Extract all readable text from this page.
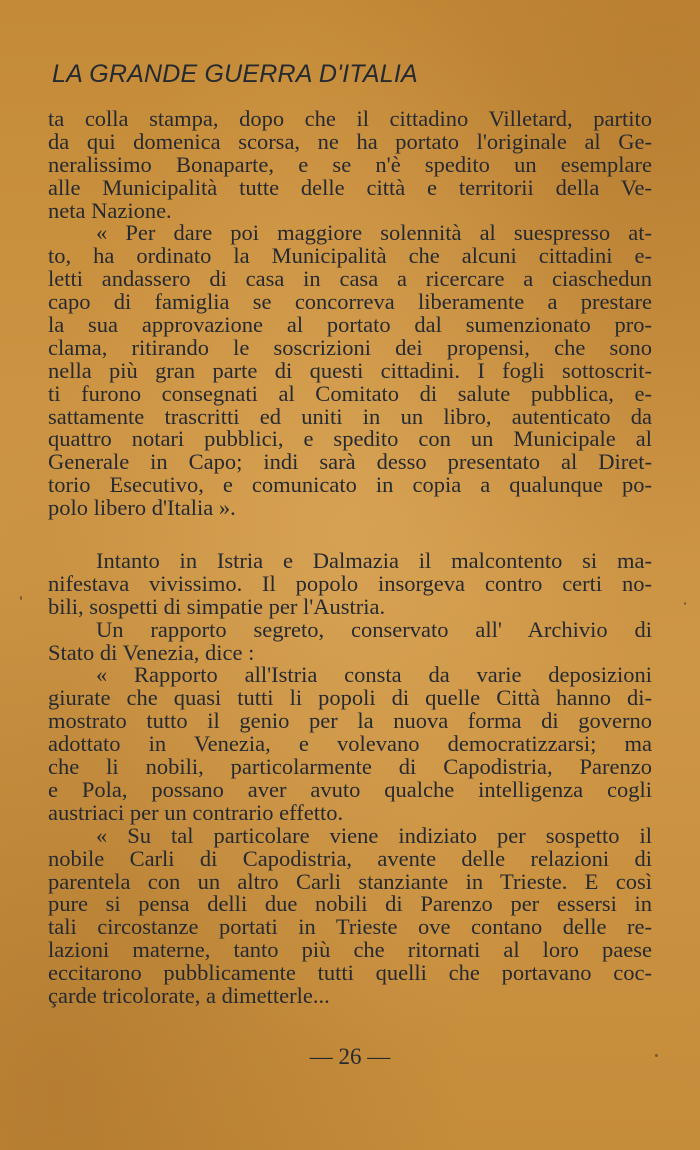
LA GRANDE GUERRA D'ITALIA
ta colla stampa, dopo che il cittadino Villetard, partito
da qui domenica scorsa, ne ha portato l'originale al Ge-
neralissimo Bonaparte, e se n'è spedito un esemplare
alle Municipalità tutte delle città e territorii della Ve-
neta Nazione.
« Per dare poi maggiore solennità al suespresso at-
to, ha ordinato la Municipalità che alcuni cittadini e-
letti andassero di casa in casa a ricercare a ciaschedun
capo di famiglia se concorreva liberamente a prestare
la sua approvazione al portato dal sumenzionato pro-
clama, ritirando le soscrizioni dei propensi, che sono
nella più gran parte di questi cittadini. I fogli sottoscrit-
ti furono consegnati al Comitato di salute pubblica, e-
sattamente trascritti ed uniti in un libro, autenticato da
quattro notari pubblici, e spedito con un Municipale al
Generale in Capo; indi sarà desso presentato al Diret-
torio Esecutivo, e comunicato in copia a qualunque po-
polo libero d'Italia ».
Intanto in Istria e Dalmazia il malcontento si ma-
nifestava vivissimo. Il popolo insorgeva contro certi no-
bili, sospetti di simpatie per l'Austria.
Un rapporto segreto, conservato all' Archivio di
Stato di Venezia, dice :
« Rapporto all'Istria consta da varie deposizioni
giurate che quasi tutti li popoli di quelle Città hanno di-
mostrato tutto il genio per la nuova forma di governo
adottato in Venezia, e volevano democratizzarsi; ma
che li nobili, particolarmente di Capodistria, Parenzo
e Pola, possano aver avuto qualche intelligenza cogli
austriaci per un contrario effetto.
« Su tal particolare viene indiziato per sospetto il
nobile Carli di Capodistria, avente delle relazioni di
parentela con un altro Carli stanziante in Trieste. E così
pure si pensa delli due nobili di Parenzo per essersi in
tali circostanze portati in Trieste ove contano delle re-
lazioni materne, tanto più che ritornati al loro paese
eccitarono pubblicamente tutti quelli che portavano coc-
çarde tricolorate, a dimetterle...
— 26 —
